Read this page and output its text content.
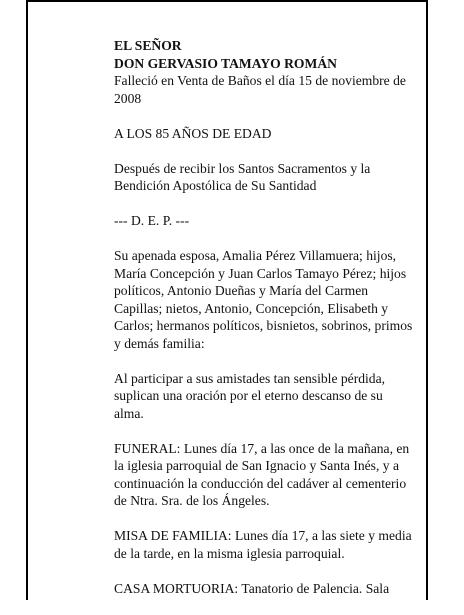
EL SEÑOR

DON GERVASIO TAMAYO ROMÁN

Falleció en Venta de Baños el día 15 de noviembre de 2008

A LOS 85 AÑOS DE EDAD

Después de recibir los Santos Sacramentos y la Bendición Apostólica de Su Santidad

--- D. E. P. ---

Su apenada esposa, Amalia Pérez Villamuera; hijos, María Concepción y Juan Carlos Tamayo Pérez; hijos políticos, Antonio Dueñas y María del Carmen Capillas; nietos, Antonio, Concepción, Elisabeth y Carlos; hermanos políticos, bisnietos, sobrinos, primos y demás familia:

Al participar a sus amistades tan sensible pérdida, suplican una oración por el eterno descanso de su alma.

FUNERAL: Lunes día 17, a las once de la mañana, en la iglesia parroquial de San Ignacio y Santa Inés, y a continuación la conducción del cadáver al cementerio de Ntra. Sra. de los Ángeles.

MISA DE FAMILIA: Lunes día 17, a las siete y media de la tarde, en la misma iglesia parroquial.

CASA MORTUORIA: Tanatorio de Palencia. Sala
